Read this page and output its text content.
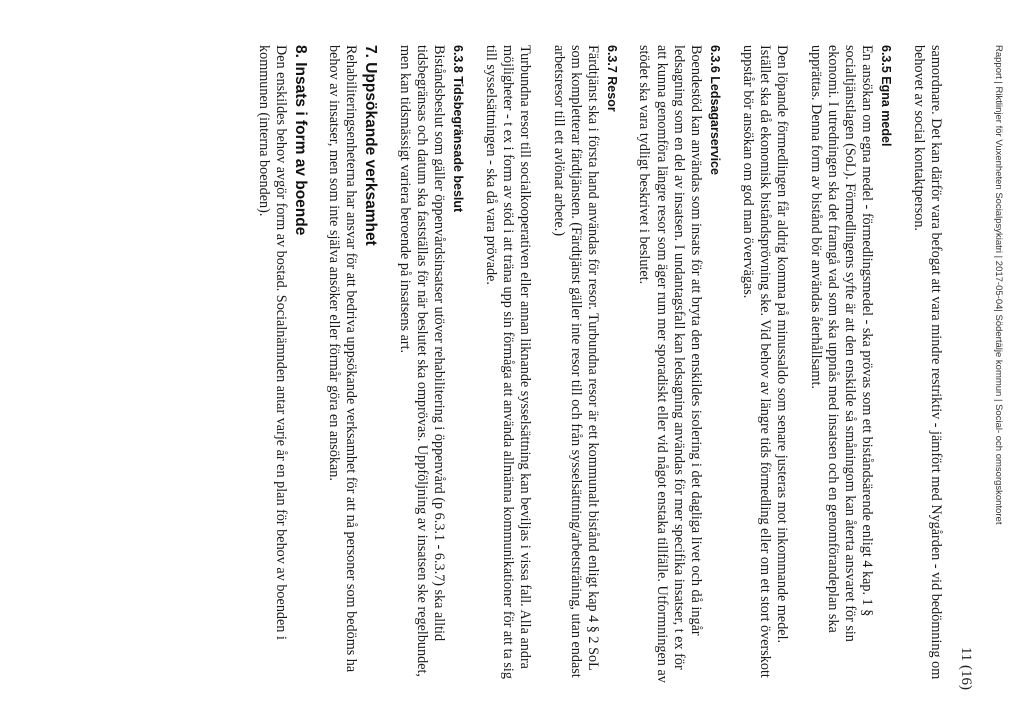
Rapport | Riktlinjer för Vuxenheten Socialpsykiatri | 2017-05-04| Södertälje kommun | Social- och omsorgskontoret
11 (16)

samordnare. Det kan därför vara befogat att vara mindre restriktiv - jämfört med Nygården - vid bedömning om behovet av social kontaktperson.

6.3.5 Egna medel

En ansökan om egna medel - förmedlingsmedel - ska prövas som ett biståndsärende enligt 4 kap. 1 § socialtjänstlagen (SoL). Förmedlingens syfte är att den enskilde så småningom kan återta ansvaret för sin ekonomi. I utredningen ska det framgå vad som ska uppnås med insatsen och en genomförandeplan ska upprättas. Denna form av bistånd bör användas återhållsamt.

Den löpande förmedlingen får aldrig komma på minussaldo som senare justeras mot inkommande medel. Istället ska då ekonomisk biståndsprövning ske. Vid behov av längre tids förmedling eller om ett stort överskott uppstår bör ansökan om god man övervägas.

6.3.6 Ledsagarservice

Boendestöd kan användas som insats för att bryta den enskildes isolering i det dagliga livet och då ingår ledsagning som en del av insatsen. I undantagsfall kan ledsagning användas för mer specifika insatser, t ex för att kunna genomföra längre resor som äger rum mer sporadiskt eller vid något enstaka tillfälle. Utformningen av stödet ska vara tydligt beskrivet i beslutet.

6.3.7 Resor

Färdtjänst ska i första hand användas för resor. Turbundna resor är ett kommunalt bistånd enligt kap 4 § 2 SoL som kompletterar färdtjänsten. (Färdtjänst gäller inte resor till och från sysselsättning/arbetsträning, utan endast arbetsresor till ett avlönat arbete.)

Turbundna resor till socialkooperativen eller annan liknande sysselsättning kan beviljas i vissa fall. Alla andra möjligheter - t ex i form av stöd i att träna upp sin förmåga att använda allmänna kommunikationer för att ta sig till sysselsättningen - ska då vara prövade.

6.3.8 Tidsbegränsade beslut

Biståndsbeslut som gäller öppenvårdsinsatser utöver rehabilitering i öppenvård (p 6.3.1 - 6.3.7) ska alltid tidsbegränsas och datum ska fastställas för när beslutet ska omprövas. Uppföljning av insatsen ske regelbundet, men kan tidsmässigt variera beroende på insatsens art.

7. Uppsökande verksamhet

Rehabiliteringsenheterna har ansvar för att bedriva uppsökande verksamhet för att nå personer som bedöms ha behov av insatser, men som inte själva ansöker eller förmår göra en ansökan.

8. Insats i form av boende

Den enskildes behov avgör form av bostad. Socialnämnden antar varje år en plan för behov av boenden i kommunen (interna boenden).
